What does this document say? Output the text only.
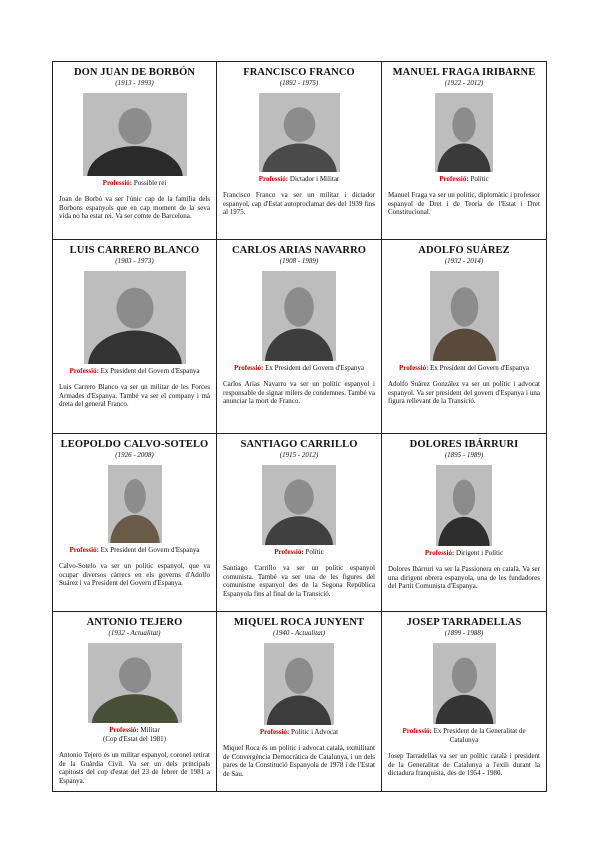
DON JUAN DE BORBÓN
(1913 - 1993)
Professió: Possible rei
Joan de Borbó va ser l'únic cap de la família dels Borbons espanyols que en cap moment de la seva vida no ha estat rei. Va ser comte de Barcelona.
FRANCISCO FRANCO
(1892 - 1975)
Professió: Dictador i Militar
Francisco Franco va ser un militar i dictador espanyol, cap d'Estat autoproclamat des del 1939 fins al 1975.
MANUEL FRAGA IRIBARNE
(1922 - 2012)
Professió: Polític
Manuel Fraga va ser un polític, diplomàtic i professor espanyol de Dret i de Teoria de l'Estat i Dret Constitucional.
LUIS CARRERO BLANCO
(1903 - 1973)
Professió: Ex President del Govern d'Espanya
Luis Carrero Blanco va ser un militar de les Forces Armades d'Espanya. També va ser el company i mà dreta del general Franco.
CARLOS ARIAS NAVARRO
(1908 - 1989)
Professió: Ex President del Govern d'Espanya
Carlos Arias Navarro va ser un polític espanyol i responsable de signar milers de condemnes. També va anunciar la mort de Franco.
ADOLFO SUÁREZ
(1932 - 2014)
Professió: Ex President del Govern d'Espanya
Adolfo Suárez González va ser un polític i advocat espanyol. Va ser president del govern d'Espanya i una figura rellevant de la Transició.
LEOPOLDO CALVO-SOTELO
(1926 - 2008)
Professió: Ex President del Govern d'Espanya
Calvo-Sotelo va ser un polític espanyol, que va ocupar diversos càrrecs en els governs d'Adolfo Suárez i va President del Govern d'Espanya.
SANTIAGO CARRILLO
(1915 - 2012)
Professió: Polític
Santiago Carrillo va ser un polític espanyol comunista. També va ser una de les figures del comunisme espanyol des de la Segona República Espanyola fins al final de la Transició.
DOLORES IBÁRRURI
(1895 - 1989)
Professió: Dirigent i Polític
Dolores Ibárruri va ser la Passionera en català. Va ser una dirigent obrera espanyola, una de les fundadores del Partit Comunista d'Espanya.
ANTONIO TEJERO
(1932 - Actualitat)
Professió: Militar
(Cop d'Estat del 1981)
Antonio Tejero és un militar espanyol, coronel retirat de la Guàrdia Civil. Va ser un dels principals capitosts del cop d'estat del 23 de febrer de 1981 a Espanya.
MIQUEL ROCA JUNYENT
(1940 - Actualitat)
Professió: Polític i Advocat
Miquel Roca és un polític i advocat català, exmilitant de Convergència Democràtica de Catalunya, i un dels pares de la Constitució Espanyola de 1978 i de l'Estat de Sau.
JOSEP TARRADELLAS
(1899 - 1988)
Professió: Ex President de la Generalitat de Catalunya
Josep Tarradellas va ser un polític català i president de la Generalitat de Catalunya a l'exili durant la dictadura franquista, des de 1954 - 1980.
